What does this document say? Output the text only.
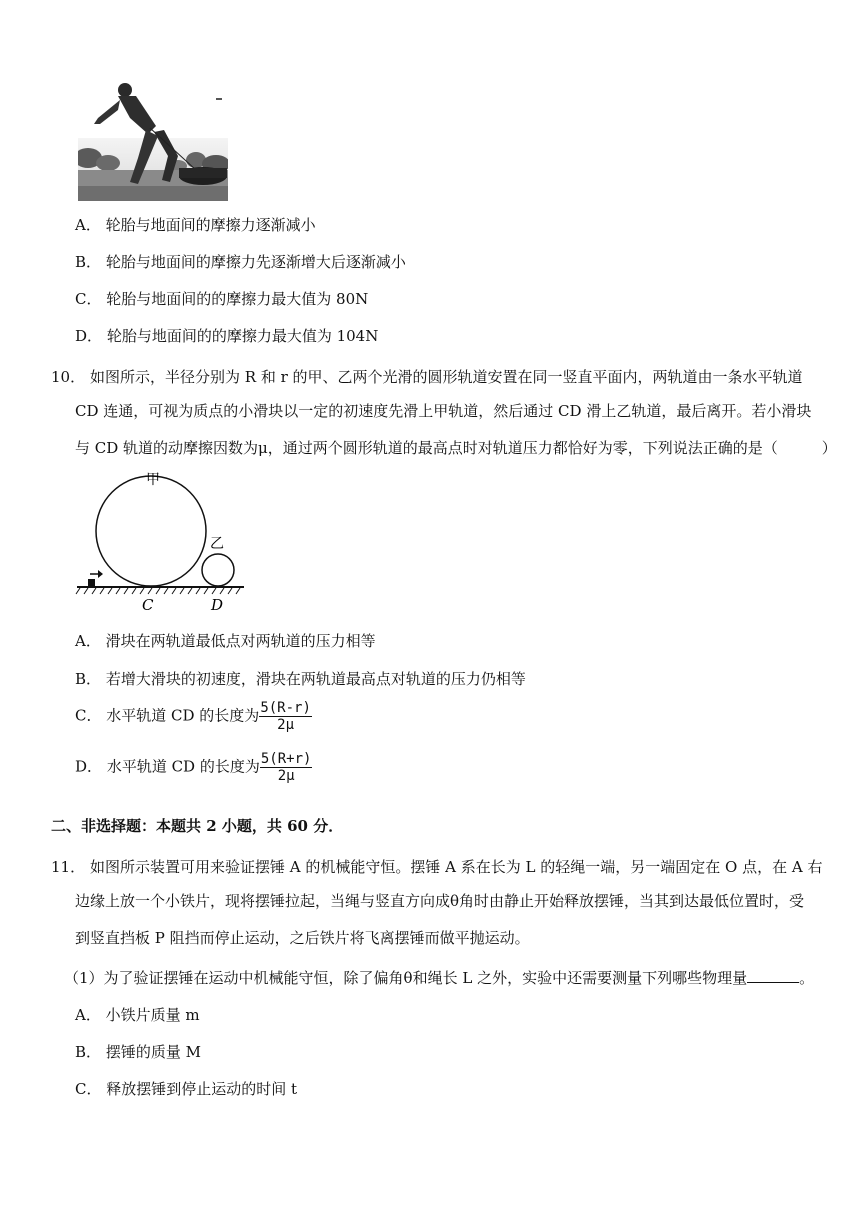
A． 轮胎与地面间的摩擦力逐渐减小
B． 轮胎与地面间的摩擦力先逐渐增大后逐渐减小
C． 轮胎与地面间的的摩擦力最大值为 80N
D． 轮胎与地面间的的摩擦力最大值为 104N
10． 如图所示，半径分别为 R 和 r 的甲、乙两个光滑的圆形轨道安置在同一竖直平面内，两轨道由一条水平轨道
CD 连通，可视为质点的小滑块以一定的初速度先滑上甲轨道，然后通过 CD 滑上乙轨道，最后离开。若小滑块
与 CD 轨道的动摩擦因数为μ，通过两个圆形轨道的最高点时对轨道压力都恰好为零，下列说法正确的是（	）
甲
乙
C	D
A． 滑块在两轨道最低点对两轨道的压力相等
B． 若增大滑块的初速度，滑块在两轨道最高点对轨道的压力仍相等
C． 水平轨道 CD 的长度为 $\frac{5(R-r)}{2\mu}$
D． 水平轨道 CD 的长度为 $\frac{5(R+r)}{2\mu}$
二、非选择题：本题共 2 小题，共 60 分．
11． 如图所示装置可用来验证摆锤 A 的机械能守恒。摆锤 A 系在长为 L 的轻绳一端，另一端固定在 O 点，在 A 右
边缘上放一个小铁片，现将摆锤拉起，当绳与竖直方向成θ角时由静止开始释放摆锤，当其到达最低位置时，受
到竖直挡板 P 阻挡而停止运动，之后铁片将飞离摆锤而做平抛运动。
（1）为了验证摆锤在运动中机械能守恒，除了偏角θ和绳长 L 之外，实验中还需要测量下列哪些物理量	。
A． 小铁片质量 m
B． 摆锤的质量 M
C． 释放摆锤到停止运动的时间 t
